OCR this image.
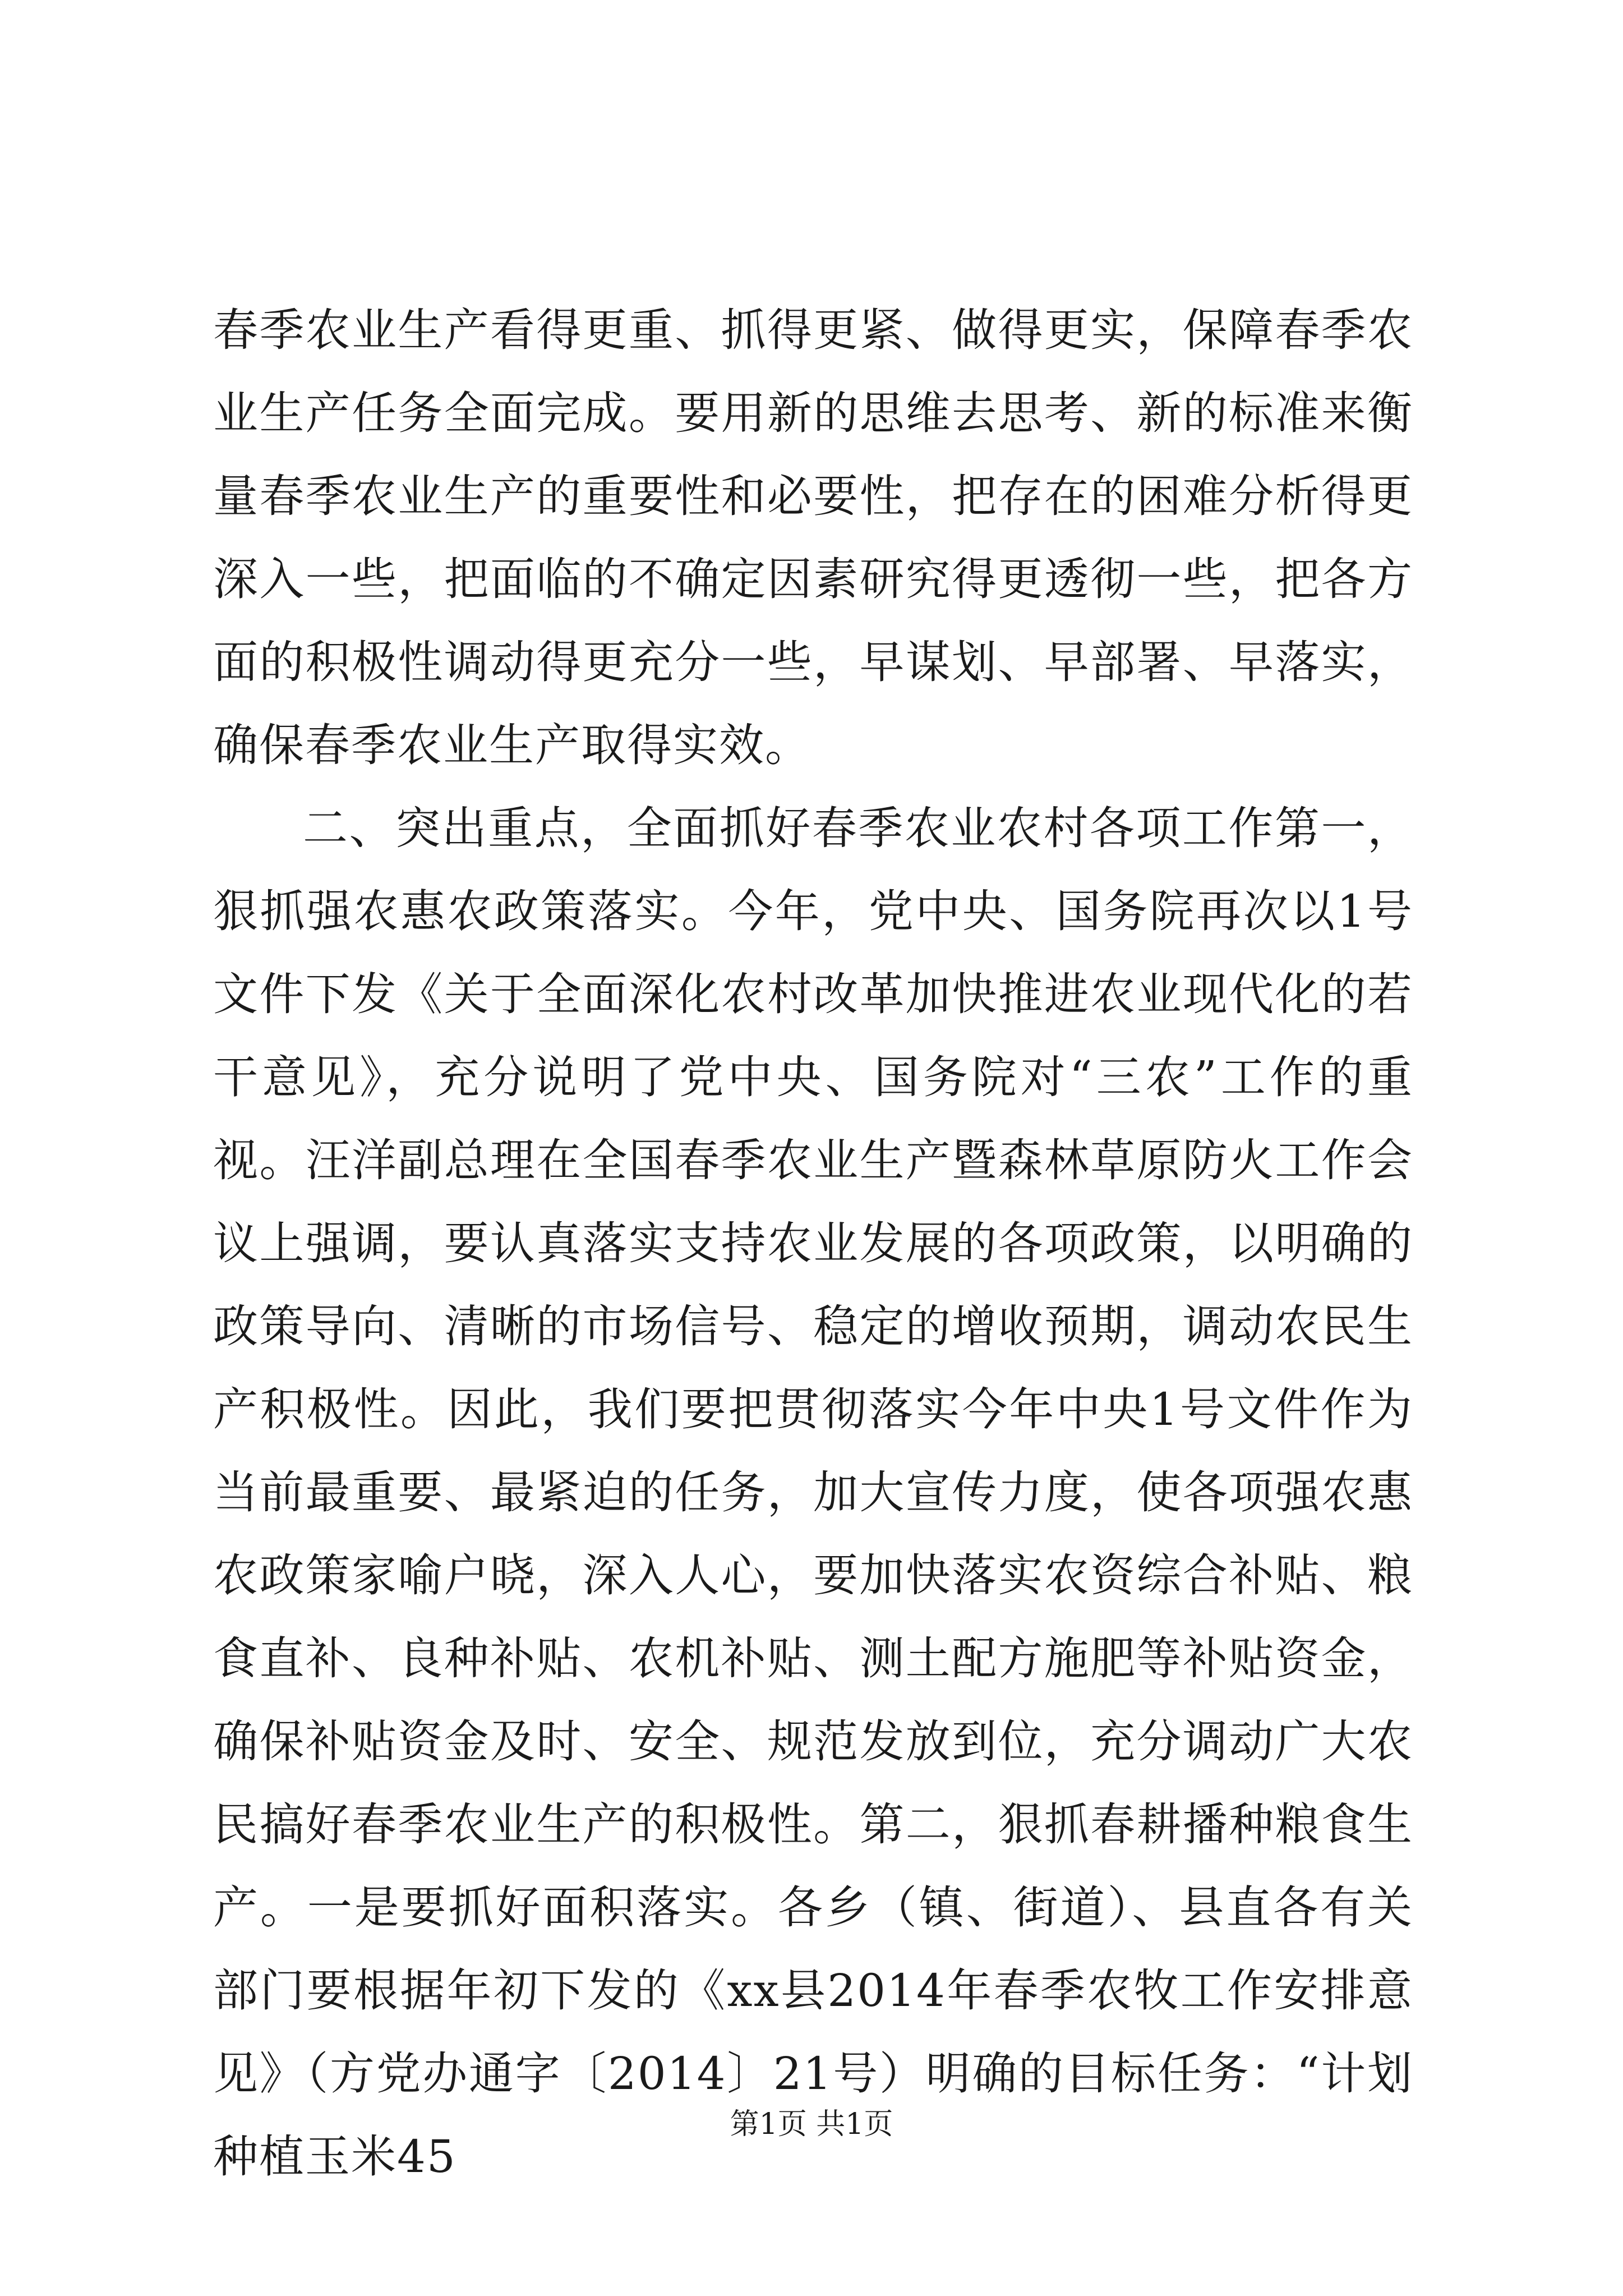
春季农业生产看得更重、抓得更紧、做得更实，保障春季农业生产任务全面完成。要用新的思维去思考、新的标准来衡量春季农业生产的重要性和必要性，把存在的困难分析得更深入一些，把面临的不确定因素研究得更透彻一些，把各方面的积极性调动得更充分一些，早谋划、早部署、早落实，确保春季农业生产取得实效。

二、突出重点，全面抓好春季农业农村各项工作第一，狠抓强农惠农政策落实。今年，党中央、国务院再次以1号文件下发《关于全面深化农村改革加快推进农业现代化的若干意见》，充分说明了党中央、国务院对“三农”工作的重视。汪洋副总理在全国春季农业生产暨森林草原防火工作会议上强调，要认真落实支持农业发展的各项政策，以明确的政策导向、清晰的市场信号、稳定的增收预期，调动农民生产积极性。因此，我们要把贯彻落实今年中央1号文件作为当前最重要、最紧迫的任务，加大宣传力度，使各项强农惠农政策家喻户晓，深入人心，要加快落实农资综合补贴、粮食直补、良种补贴、农机补贴、测土配方施肥等补贴资金，确保补贴资金及时、安全、规范发放到位，充分调动广大农民搞好春季农业生产的积极性。第二，狠抓春耕播种粮食生产。一是要抓好面积落实。各乡（镇、街道）、县直各有关部门要根据年初下发的《xx县2014年春季农牧工作安排意见》（方党办通字〔2014〕21号）明确的目标任务：“计划种植玉米45

第1页 共1页
